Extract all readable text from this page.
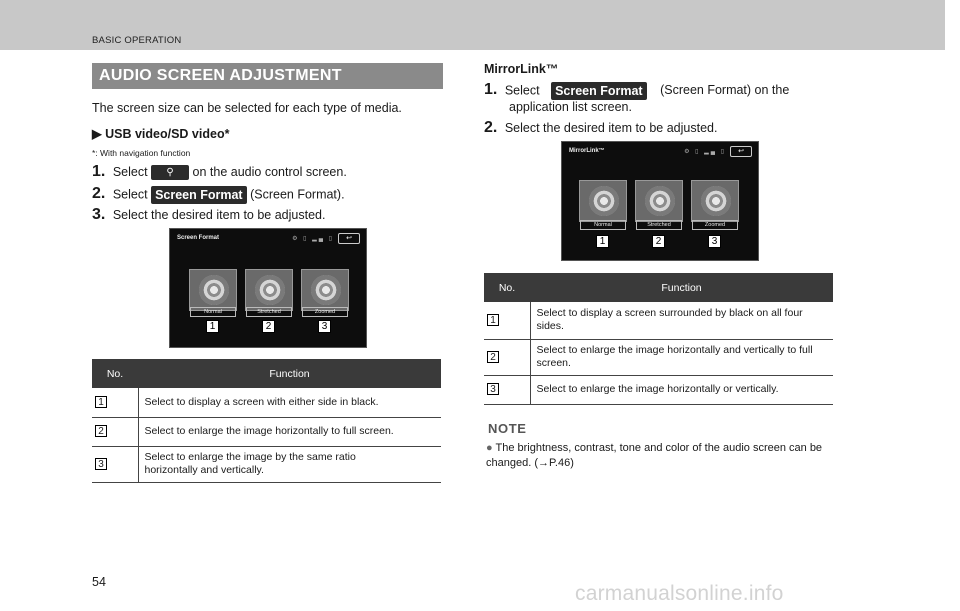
BASIC OPERATION
AUDIO SCREEN ADJUSTMENT
The screen size can be selected for each type of media.
▶ USB video/SD video*
*: With navigation function
1. Select ⚲ on the audio control screen.
2. Select Screen Format (Screen Format).
3. Select the desired item to be adjusted.
Screen Format	⚙ ▯ ▂▄ ▯	↩
Normal	Stretched	Zoomed
1	2	3
No.	Function
1	Select to display a screen with either side in black.
2	Select to enlarge the image horizontally to full screen.
3	Select to enlarge the image by the same ratio horizontally and vertically.
MirrorLink™
1. Select Screen Format (Screen Format) on the
application list screen.
2. Select the desired item to be adjusted.
MirrorLink™	⚙ ▯ ▂▄ ▯	↩
Normal	Stretched	Zoomed
1	2	3
No.	Function
1	Select to display a screen surrounded by black on all four sides.
2	Select to enlarge the image horizontally and vertically to full screen.
3	Select to enlarge the image horizontally or vertically.
NOTE
● The brightness, contrast, tone and color of the audio screen can be changed. (→P.46)
54	carmanualsonline.info
